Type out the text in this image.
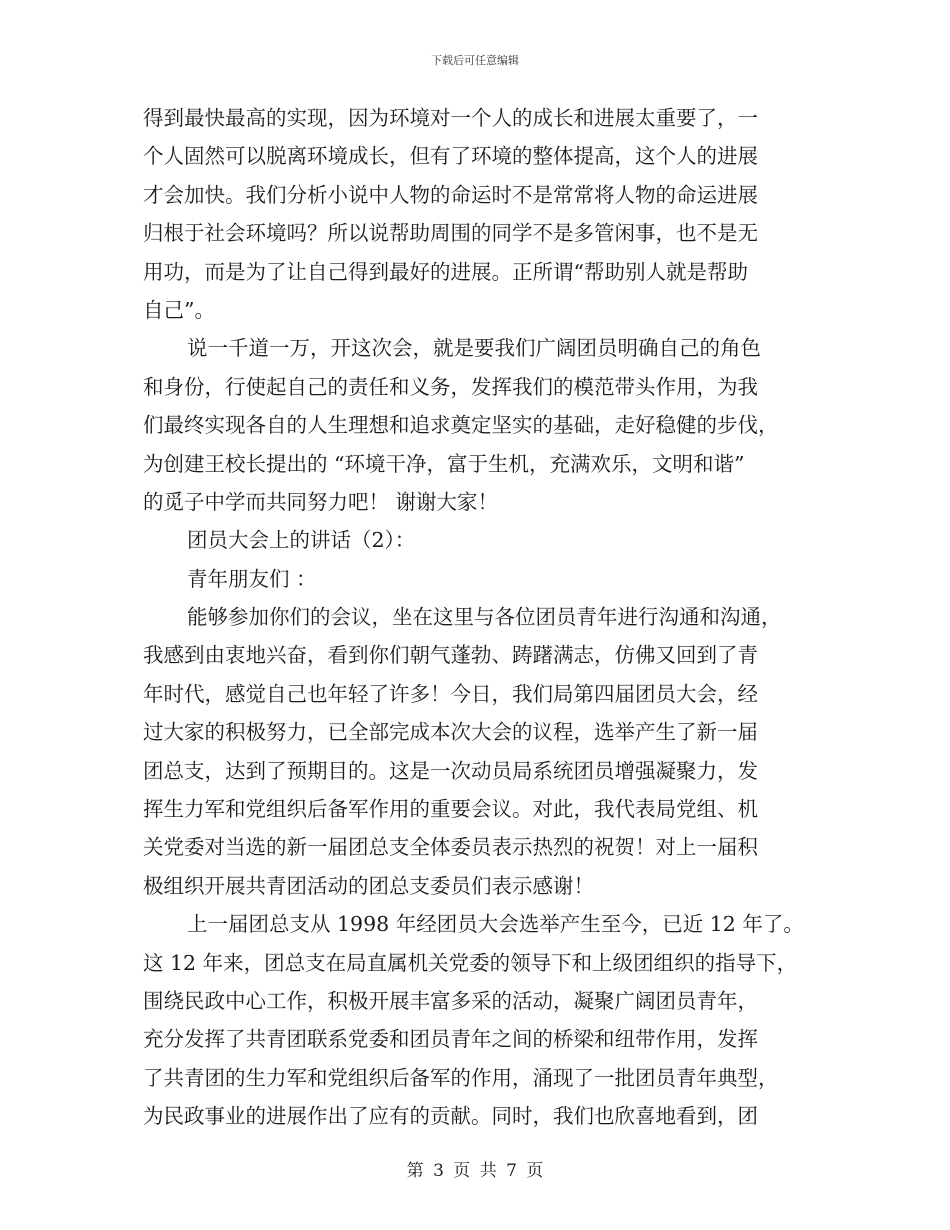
下载后可任意编辑
得到最快最高的实现，因为环境对一个人的成长和进展太重要了，一
个人固然可以脱离环境成长，但有了环境的整体提高，这个人的进展
才会加快。我们分析小说中人物的命运时不是常常将人物的命运进展
归根于社会环境吗？所以说帮助周围的同学不是多管闲事，也不是无
用功，而是为了让自己得到最好的进展。正所谓“帮助别人就是帮助
自己”。
说一千道一万，开这次会，就是要我们广阔团员明确自己的角色
和身份，行使起自己的责任和义务，发挥我们的模范带头作用，为我
们最终实现各自的人生理想和追求奠定坚实的基础，走好稳健的步伐，
为创建王校长提出的 “环境干净，富于生机，充满欢乐，文明和谐”
的觅子中学而共同努力吧！ 谢谢大家！
团员大会上的讲话（2）：
青年朋友们 ：
能够参加你们的会议，坐在这里与各位团员青年进行沟通和沟通，
我感到由衷地兴奋，看到你们朝气蓬勃、踌躇满志，仿佛又回到了青
年时代，感觉自己也年轻了许多！今日，我们局第四届团员大会，经
过大家的积极努力，已全部完成本次大会的议程，选举产生了新一届
团总支，达到了预期目的。这是一次动员局系统团员增强凝聚力，发
挥生力军和党组织后备军作用的重要会议。对此，我代表局党组、机
关党委对当选的新一届团总支全体委员表示热烈的祝贺！对上一届积
极组织开展共青团活动的团总支委员们表示感谢！
上一届团总支从 1998 年经团员大会选举产生至今，已近 12 年了。
这 12 年来，团总支在局直属机关党委的领导下和上级团组织的指导下，
围绕民政中心工作，积极开展丰富多采的活动，凝聚广阔团员青年，
充分发挥了共青团联系党委和团员青年之间的桥梁和纽带作用，发挥
了共青团的生力军和党组织后备军的作用，涌现了一批团员青年典型，
为民政事业的进展作出了应有的贡献。同时，我们也欣喜地看到，团
第 3 页 共 7 页
